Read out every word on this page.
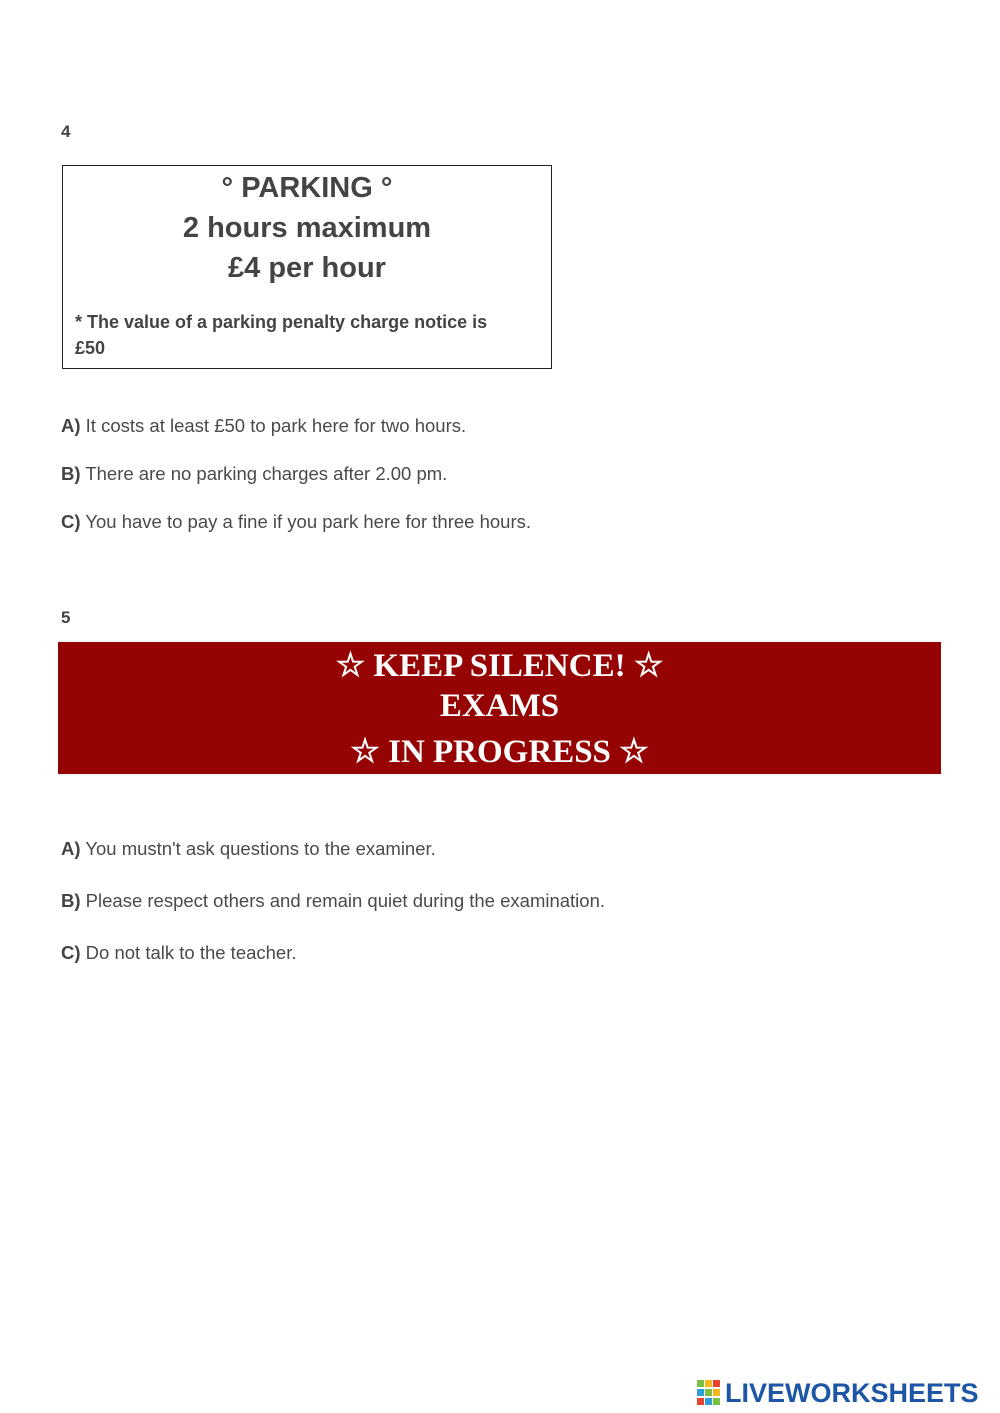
4
° PARKING °
2 hours maximum
£4 per hour
* The value of a parking penalty charge notice is
£50
A) It costs at least £50 to park here for two hours.
B) There are no parking charges after 2.00 pm.
C) You have to pay a fine if you park here for three hours.
5
☆ KEEP SILENCE! ☆
EXAMS
☆ IN PROGRESS ☆
A) You mustn't ask questions to the examiner.
B) Please respect others and remain quiet during the examination.
C) Do not talk to the teacher.
LIVEWORKSHEETS
